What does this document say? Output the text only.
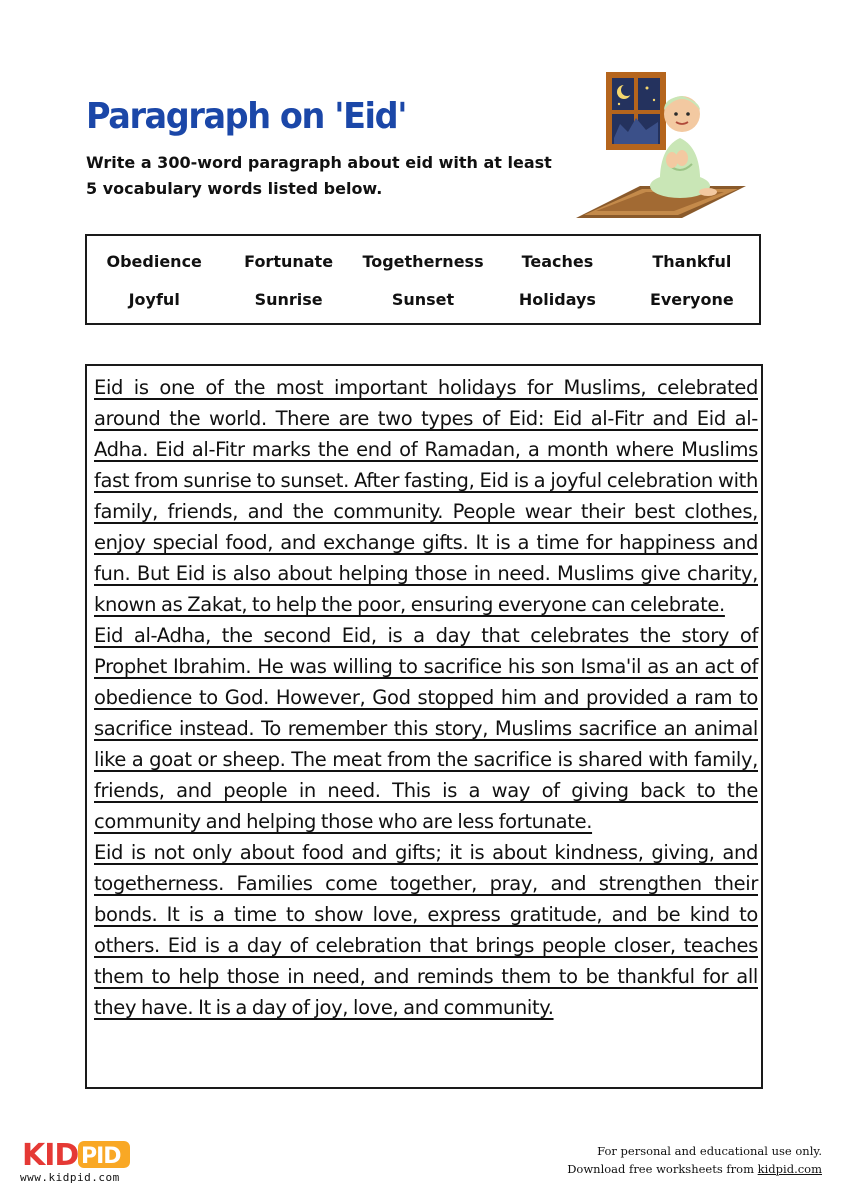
Paragraph on 'Eid'

Write a 300-word paragraph about eid with at least 5 vocabulary words listed below.

Obedience	Fortunate	Togetherness	Teaches	Thankful
Joyful	Sunrise	Sunset	Holidays	Everyone

Eid is one of the most important holidays for Muslims, celebrated around the world. There are two types of Eid: Eid al-Fitr and Eid al-Adha. Eid al-Fitr marks the end of Ramadan, a month where Muslims fast from sunrise to sunset. After fasting, Eid is a joyful celebration with family, friends, and the community. People wear their best clothes, enjoy special food, and exchange gifts. It is a time for happiness and fun. But Eid is also about helping those in need. Muslims give charity, known as Zakat, to help the poor, ensuring everyone can celebrate.

Eid al-Adha, the second Eid, is a day that celebrates the story of Prophet Ibrahim. He was willing to sacrifice his son Isma'il as an act of obedience to God. However, God stopped him and provided a ram to sacrifice instead. To remember this story, Muslims sacrifice an animal like a goat or sheep. The meat from the sacrifice is shared with family, friends, and people in need. This is a way of giving back to the community and helping those who are less fortunate.

Eid is not only about food and gifts; it is about kindness, giving, and togetherness. Families come together, pray, and strengthen their bonds. It is a time to show love, express gratitude, and be kind to others. Eid is a day of celebration that brings people closer, teaches them to help those in need, and reminds them to be thankful for all they have. It is a day of joy, love, and community.

KID PID
www.kidpid.com
For personal and educational use only.
Download free worksheets from kidpid.com
